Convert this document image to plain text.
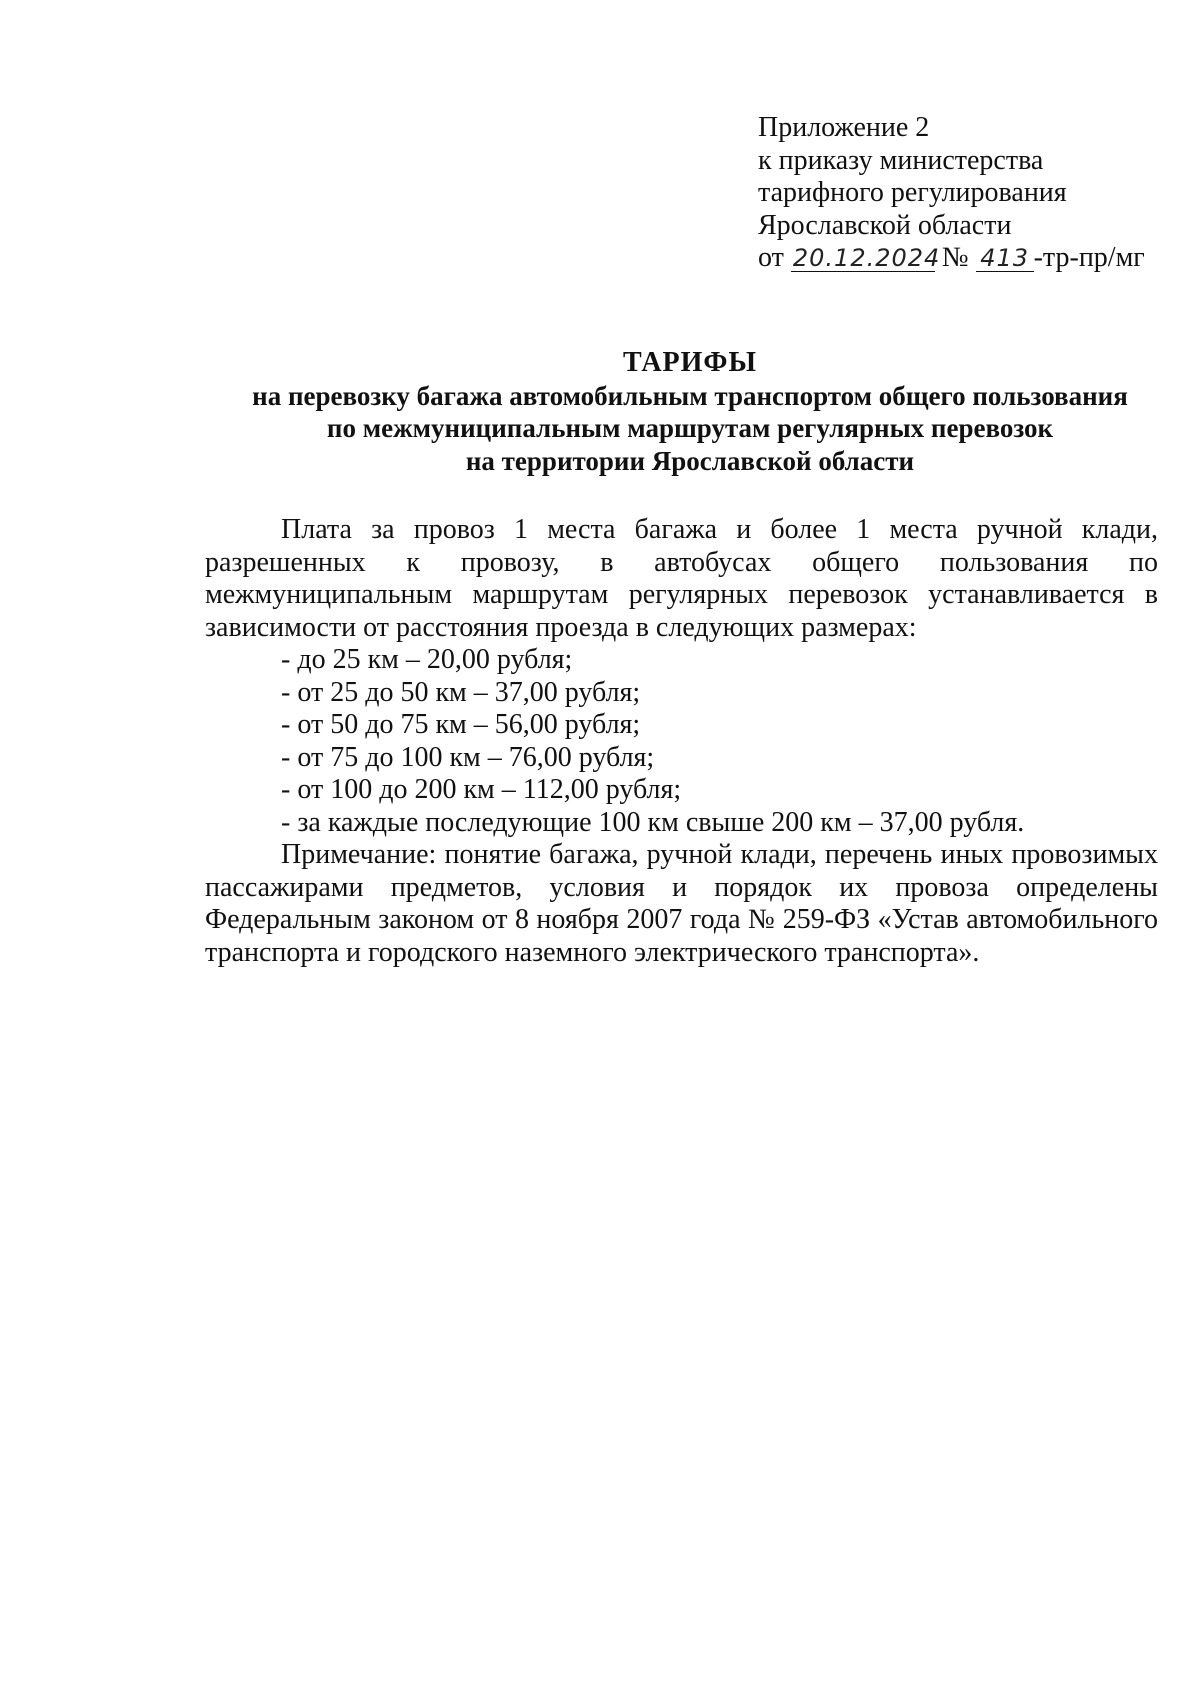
Приложение 2
к приказу министерства
тарифного регулирования
Ярославской области
от 20.12.2024 № 413 -тр-пр/мг
ТАРИФЫ
на перевозку багажа автомобильным транспортом общего пользования
по межмуниципальным маршрутам регулярных перевозок
на территории Ярославской области

Плата за провоз 1 места багажа и более 1 места ручной клади, разрешенных к провозу, в автобусах общего пользования по межмуниципальным маршрутам регулярных перевозок устанавливается в зависимости от расстояния проезда в следующих размерах:

- до 25 км – 20,00 рубля;
- от 25 до 50 км – 37,00 рубля;
- от 50 до 75 км – 56,00 рубля;
- от 75 до 100 км – 76,00 рубля;
- от 100 до 200 км – 112,00 рубля;
- за каждые последующие 100 км свыше 200 км – 37,00 рубля.

Примечание: понятие багажа, ручной клади, перечень иных провозимых пассажирами предметов, условия и порядок их провоза определены Федеральным законом от 8 ноября 2007 года № 259-ФЗ «Устав автомобильного транспорта и городского наземного электрического транспорта».
